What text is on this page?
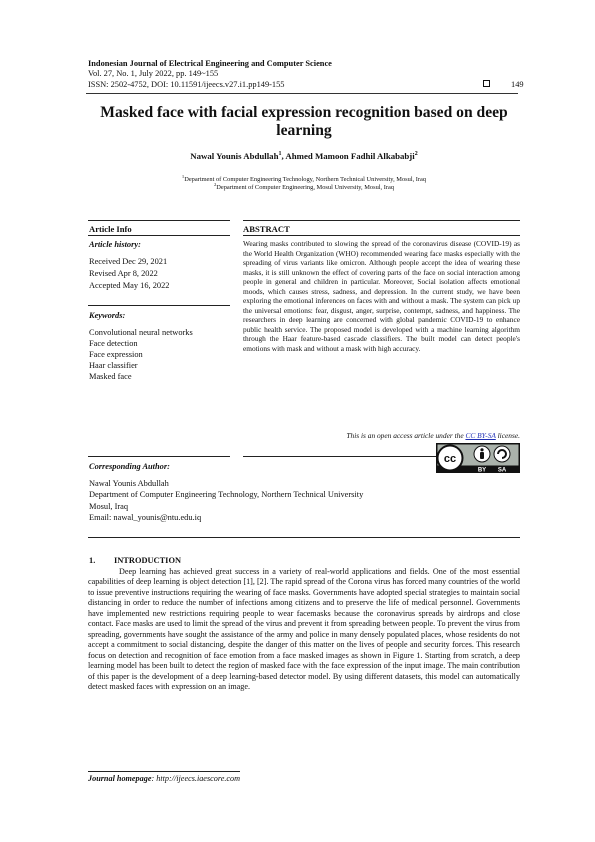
Indonesian Journal of Electrical Engineering and Computer Science
Vol. 27, No. 1, July 2022, pp. 149~155
ISSN: 2502-4752, DOI: 10.11591/ijeecs.v27.i1.pp149-155	149
Masked face with facial expression recognition based on deep learning
Nawal Younis Abdullah$^1$, Ahmed Mamoon Fadhil Alkababji$^2$
$^1$Department of Computer Engineering Technology, Northern Technical University, Mosul, Iraq
$^2$Department of Computer Engineering, Mosul University, Mosul, Iraq
Article Info
Article history:
Received Dec 29, 2021
Revised Apr 8, 2022
Accepted May 16, 2022
Keywords:
Convolutional neural networks
Face detection
Face expression
Haar classifier
Masked face
ABSTRACT
Wearing masks contributed to slowing the spread of the coronavirus disease (COVID-19) as the World Health Organization (WHO) recommended wearing face masks especially with the spreading of virus variants like omicron. Although people accept the idea of wearing these masks, it is still unknown the effect of covering parts of the face on social interaction among people in general and children in particular. Moreover, Social isolation affects emotional moods, which causes stress, sadness, and depression. In the current study, we have been exploring the emotional inferences on faces with and without a mask. The system can pick up the universal emotions: fear, disgust, anger, surprise, contempt, sadness, and happiness. The researchers in deep learning are concerned with global pandemic COVID-19 to enhance public health service. The proposed model is developed with a machine learning algorithm through the Haar feature-based cascade classifiers. The built model can detect people's emotions with mask and without a mask with high accuracy.
This is an open access article under the CC BY-SA license.
cc
BY SA
Corresponding Author:
Nawal Younis Abdullah
Department of Computer Engineering Technology, Northern Technical University
Mosul, Iraq
Email: nawal_younis@ntu.edu.iq
1. INTRODUCTION
Deep learning has achieved great success in a variety of real-world applications and fields. One of the most essential capabilities of deep learning is object detection [1], [2]. The rapid spread of the Corona virus has forced many countries of the world to issue preventive instructions requiring the wearing of face masks. Governments have adopted special strategies to maintain social distancing in order to reduce the number of infections among citizens and to preserve the life of medical personnel. Governments have implemented new restrictions requiring people to wear facemasks because the coronavirus spreads by airdrops and close contact. Face masks are used to limit the spread of the virus and prevent it from spreading between people. To prevent the virus from spreading, governments have sought the assistance of the army and police in many densely populated places, whose residents do not accept a commitment to social distancing, despite the danger of this matter on the lives of people and security forces. This research focus on detection and recognition of face emotion from a face masked images as shown in Figure 1. Starting from scratch, a deep learning model has been built to detect the region of masked face with the face expression of the input image. The main contribution of this paper is the development of a deep learning-based detector model. By using different datasets, this model can automatically detect masked faces with expression on an image.
Journal homepage: http://ijeecs.iaescore.com
